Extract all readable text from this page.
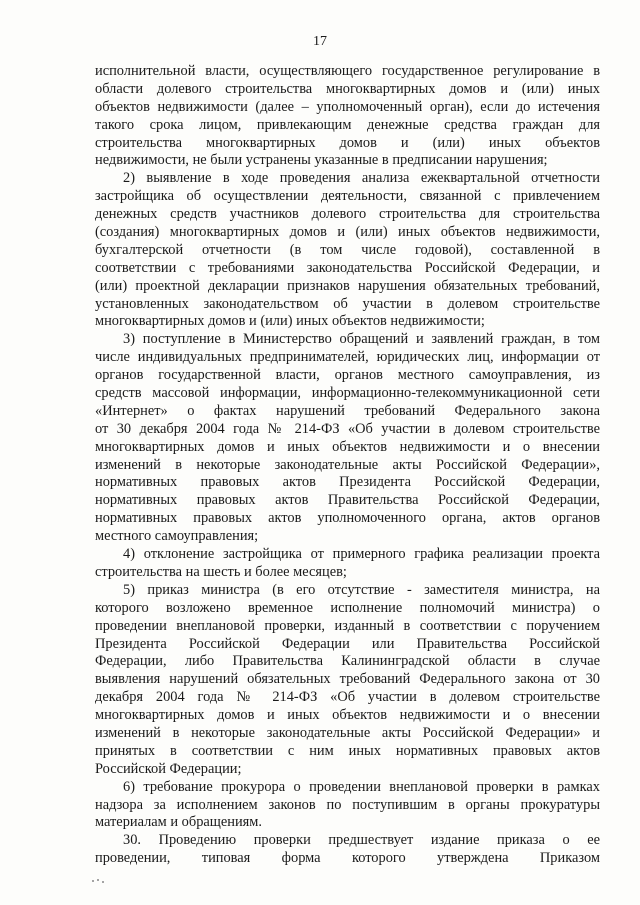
17
исполнительной власти, осуществляющего государственное регулирование в
области долевого строительства многоквартирных домов и (или) иных
объектов недвижимости (далее – уполномоченный орган), если до истечения
такого срока лицом, привлекающим денежные средства граждан для
строительства многоквартирных домов и (или) иных объектов
недвижимости, не были устранены указанные в предписании нарушения;
2) выявление в ходе проведения анализа ежеквартальной отчетности
застройщика об осуществлении деятельности, связанной с привлечением
денежных средств участников долевого строительства для строительства
(создания) многоквартирных домов и (или) иных объектов недвижимости,
бухгалтерской отчетности (в том числе годовой), составленной в
соответствии с требованиями законодательства Российской Федерации, и
(или) проектной декларации признаков нарушения обязательных требований,
установленных законодательством об участии в долевом строительстве
многоквартирных домов и (или) иных объектов недвижимости;
3) поступление в Министерство обращений и заявлений граждан, в том
числе индивидуальных предпринимателей, юридических лиц, информации от
органов государственной власти, органов местного самоуправления, из
средств массовой информации, информационно-телекоммуникационной сети
«Интернет» о фактах нарушений требований Федерального закона
от 30 декабря 2004 года № 214-ФЗ «Об участии в долевом строительстве
многоквартирных домов и иных объектов недвижимости и о внесении
изменений в некоторые законодательные акты Российской Федерации»,
нормативных правовых актов Президента Российской Федерации,
нормативных правовых актов Правительства Российской Федерации,
нормативных правовых актов уполномоченного органа, актов органов
местного самоуправления;
4) отклонение застройщика от примерного графика реализации проекта
строительства на шесть и более месяцев;
5) приказ министра (в его отсутствие - заместителя министра, на
которого возложено временное исполнение полномочий министра) о
проведении внеплановой проверки, изданный в соответствии с поручением
Президента Российской Федерации или Правительства Российской
Федерации, либо Правительства Калининградской области в случае
выявления нарушений обязательных требований Федерального закона от 30
декабря 2004 года № 214-ФЗ «Об участии в долевом строительстве
многоквартирных домов и иных объектов недвижимости и о внесении
изменений в некоторые законодательные акты Российской Федерации» и
принятых в соответствии с ним иных нормативных правовых актов
Российской Федерации;
6) требование прокурора о проведении внеплановой проверки в рамках
надзора за исполнением законов по поступившим в органы прокуратуры
материалам и обращениям.
30. Проведению проверки предшествует издание приказа о ее
проведении, типовая форма которого утверждена Приказом
